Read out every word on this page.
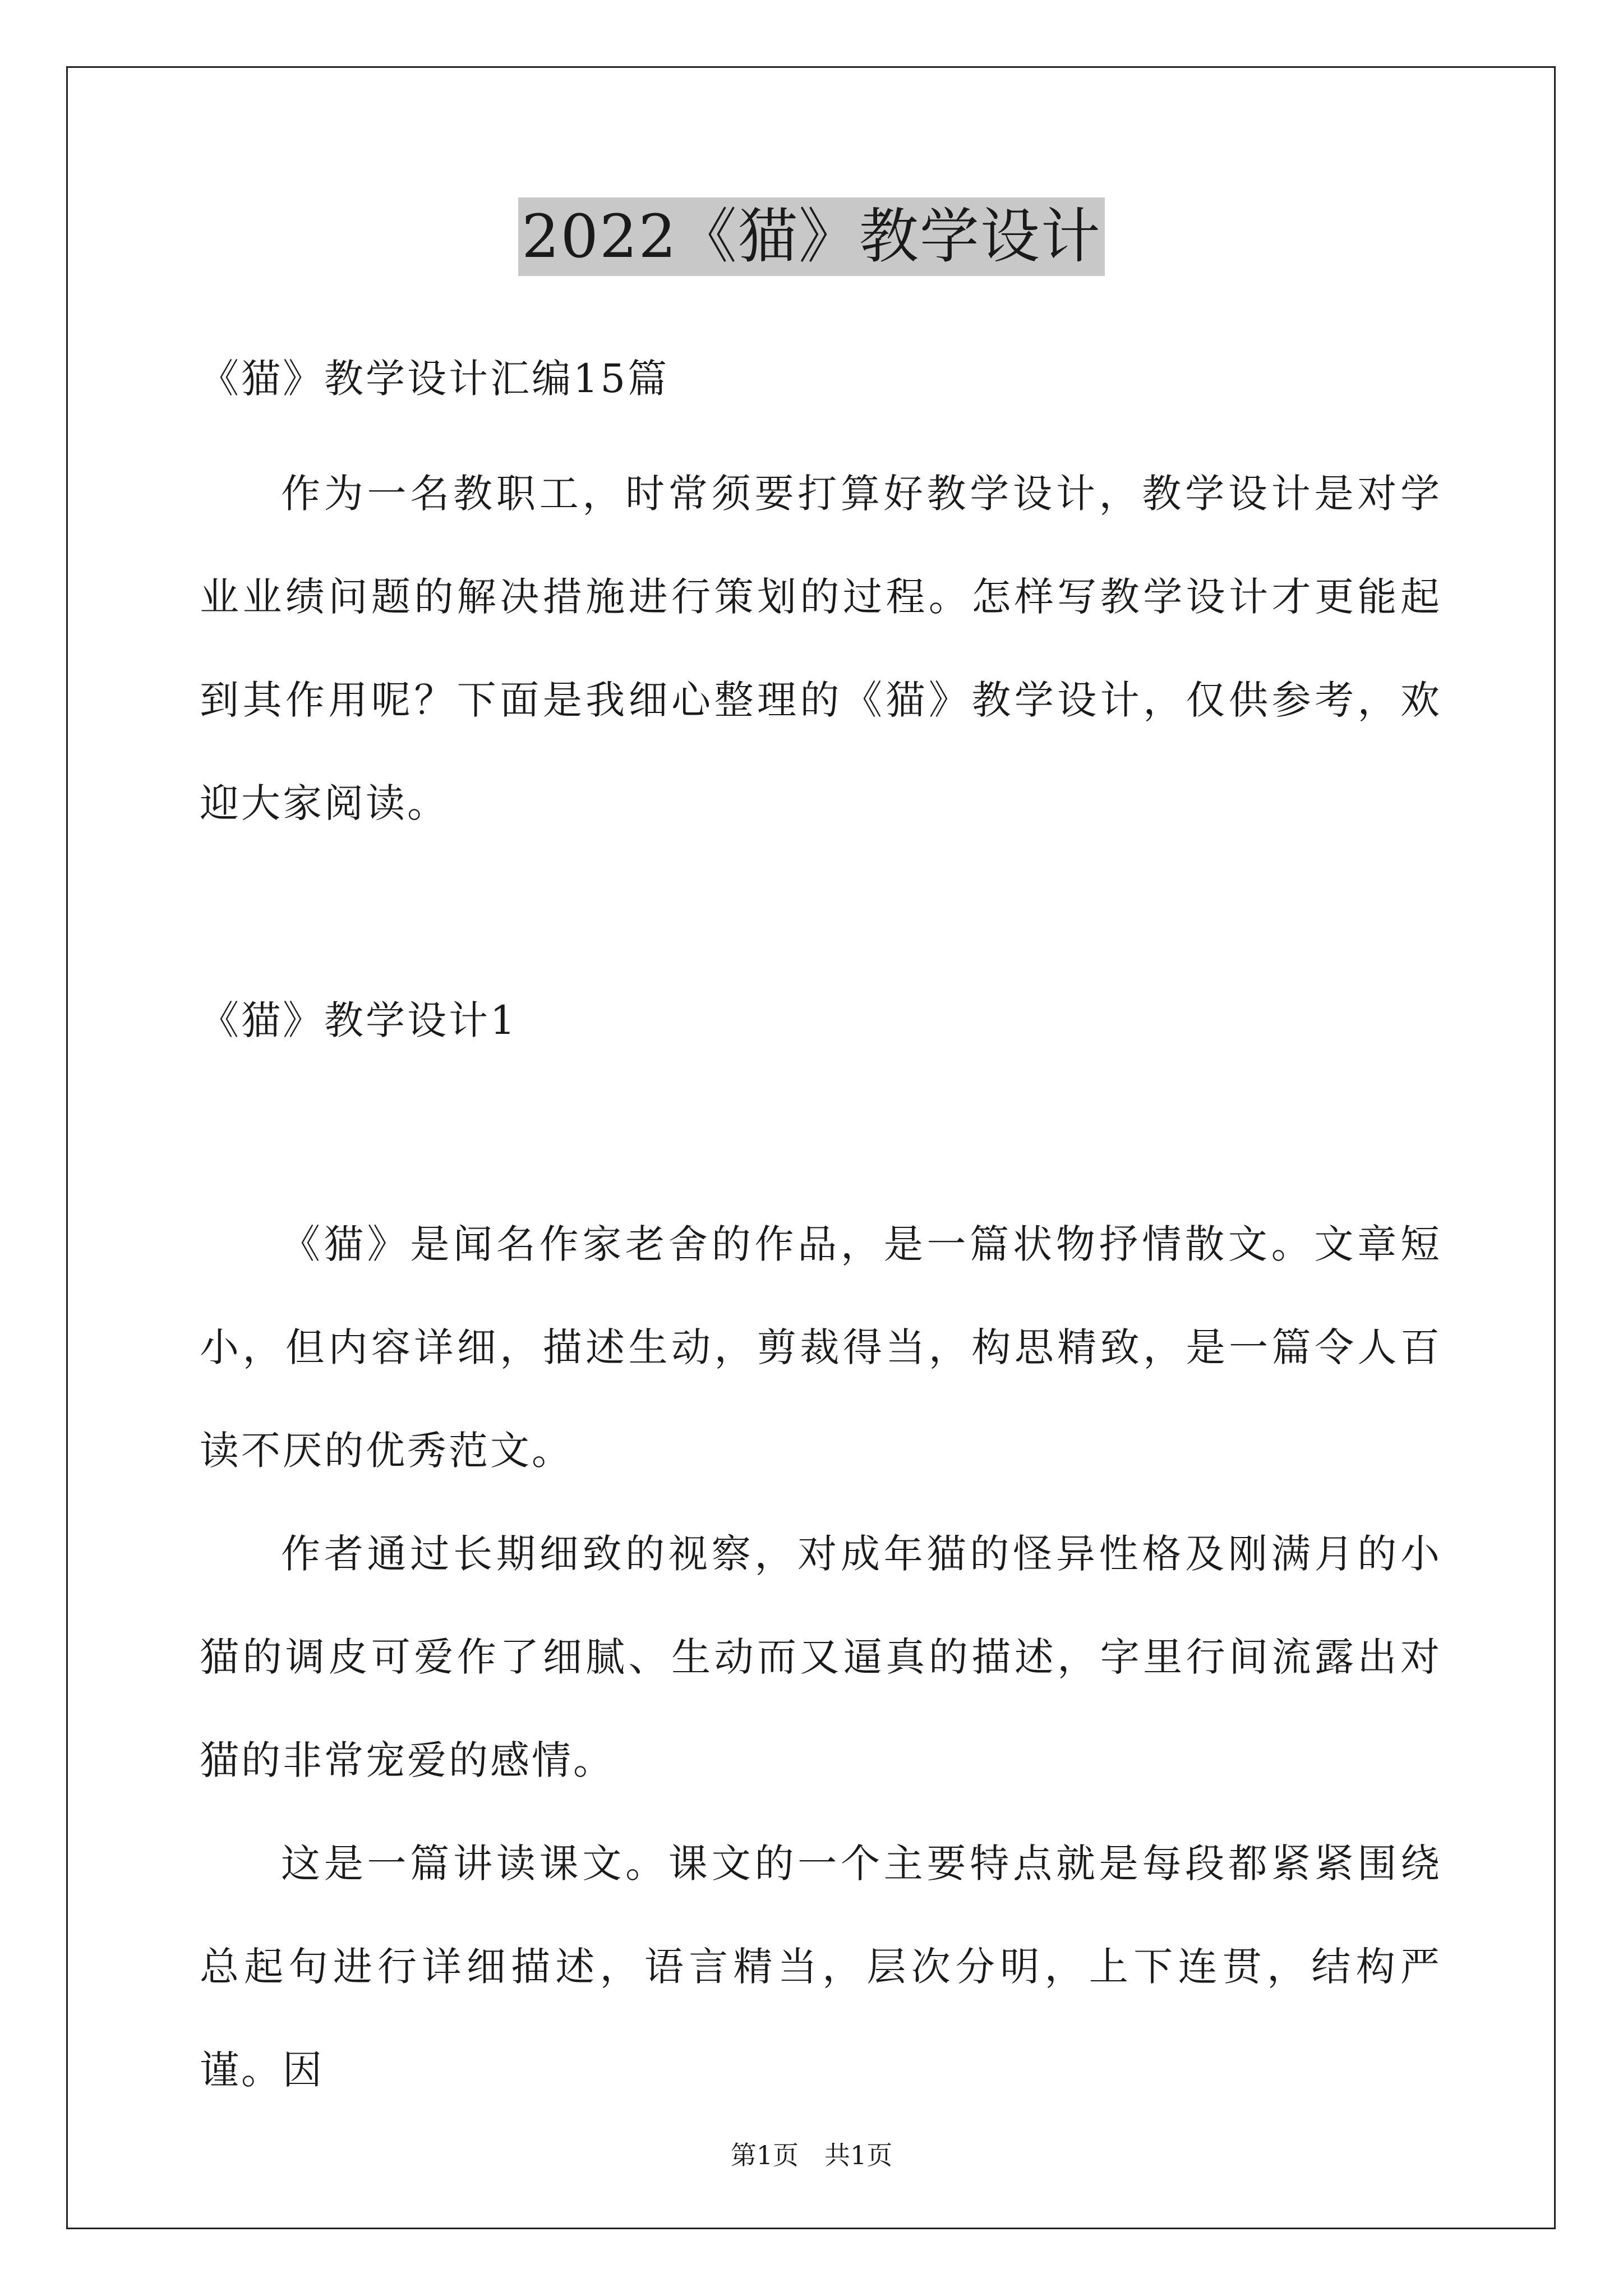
2022《猫》教学设计
《猫》教学设计汇编15篇

作为一名教职工，时常须要打算好教学设计，教学设计是对学业业绩问题的解决措施进行策划的过程。怎样写教学设计才更能起到其作用呢？下面是我细心整理的《猫》教学设计，仅供参考，欢迎大家阅读。

《猫》教学设计1

《猫》是闻名作家老舍的作品，是一篇状物抒情散文。文章短小，但内容详细，描述生动，剪裁得当，构思精致，是一篇令人百读不厌的优秀范文。

作者通过长期细致的视察，对成年猫的怪异性格及刚满月的小猫的调皮可爱作了细腻、生动而又逼真的描述，字里行间流露出对猫的非常宠爱的感情。

这是一篇讲读课文。课文的一个主要特点就是每段都紧紧围绕总起句进行详细描述，语言精当，层次分明，上下连贯，结构严谨。因

第1页　共1页
